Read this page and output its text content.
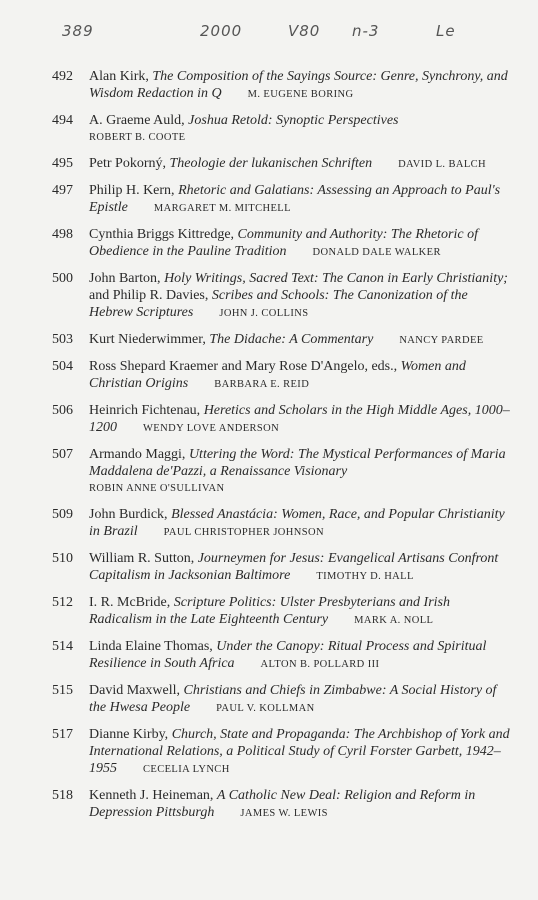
389	2000	V80 n-3	Le
492	Alan Kirk, The Composition of the Sayings Source: Genre, Synchrony, and Wisdom Redaction in Q M. EUGENE BORING
494	A. Graeme Auld, Joshua Retold: Synoptic Perspectives
ROBERT B. COOTE
495	Petr Pokorný, Theologie der lukanischen Schriften DAVID L. BALCH
497	Philip H. Kern, Rhetoric and Galatians: Assessing an Approach to Paul's Epistle MARGARET M. MITCHELL
498	Cynthia Briggs Kittredge, Community and Authority: The Rhetoric of Obedience in the Pauline Tradition DONALD DALE WALKER
500	John Barton, Holy Writings, Sacred Text: The Canon in Early Christianity; and Philip R. Davies, Scribes and Schools: The Canonization of the Hebrew Scriptures JOHN J. COLLINS
503	Kurt Niederwimmer, The Didache: A Commentary NANCY PARDEE
504	Ross Shepard Kraemer and Mary Rose D'Angelo, eds., Women and Christian Origins BARBARA E. REID
506	Heinrich Fichtenau, Heretics and Scholars in the High Middle Ages, 1000–1200 WENDY LOVE ANDERSON
507	Armando Maggi, Uttering the Word: The Mystical Performances of Maria Maddalena de'Pazzi, a Renaissance Visionary
ROBIN ANNE O'SULLIVAN
509	John Burdick, Blessed Anastácia: Women, Race, and Popular Christianity in Brazil PAUL CHRISTOPHER JOHNSON
510	William R. Sutton, Journeymen for Jesus: Evangelical Artisans Confront Capitalism in Jacksonian Baltimore TIMOTHY D. HALL
512	I. R. McBride, Scripture Politics: Ulster Presbyterians and Irish Radicalism in the Late Eighteenth Century MARK A. NOLL
514	Linda Elaine Thomas, Under the Canopy: Ritual Process and Spiritual Resilience in South Africa ALTON B. POLLARD III
515	David Maxwell, Christians and Chiefs in Zimbabwe: A Social History of the Hwesa People PAUL V. KOLLMAN
517	Dianne Kirby, Church, State and Propaganda: The Archbishop of York and International Relations, a Political Study of Cyril Forster Garbett, 1942–1955 CECELIA LYNCH
518	Kenneth J. Heineman, A Catholic New Deal: Religion and Reform in Depression Pittsburgh JAMES W. LEWIS
